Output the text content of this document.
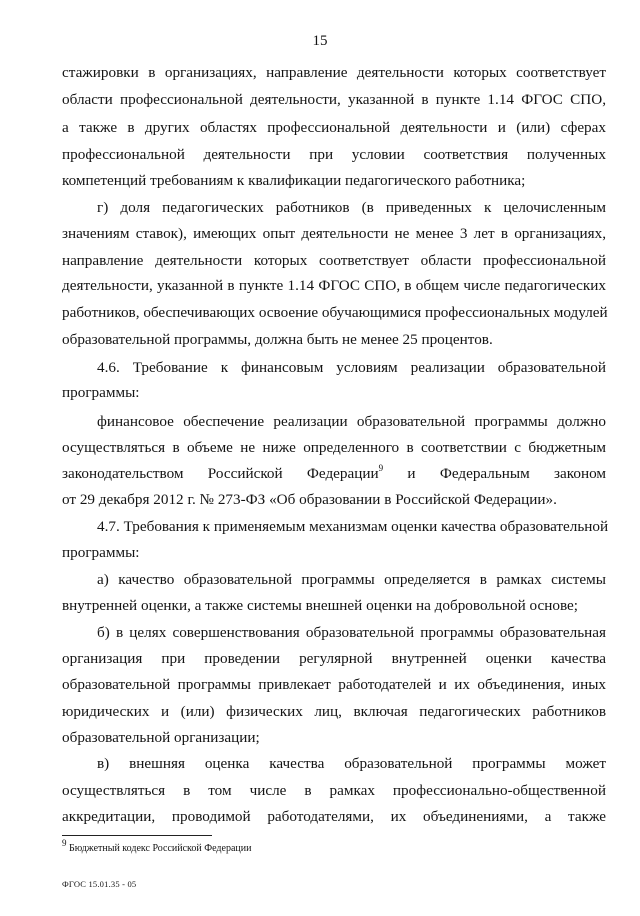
15
стажировки в организациях, направление деятельности которых соответствует
области профессиональной деятельности, указанной в пункте 1.14 ФГОС СПО,
а также в других областях профессиональной деятельности и (или) сферах
профессиональной деятельности при условии соответствия полученных
компетенций требованиям к квалификации педагогического работника;
г) доля педагогических работников (в приведенных к целочисленным
значениям ставок), имеющих опыт деятельности не менее 3 лет в организациях,
направление деятельности которых соответствует области профессиональной
деятельности, указанной в пункте 1.14 ФГОС СПО, в общем числе педагогических
работников, обеспечивающих освоение обучающимися профессиональных модулей
образовательной программы, должна быть не менее 25 процентов.
4.6. Требование к финансовым условиям реализации образовательной
программы:
финансовое обеспечение реализации образовательной программы должно
осуществляться в объеме не ниже определенного в соответствии с бюджетным
законодательством Российской Федерации$^9$ и Федеральным законом
от 29 декабря 2012 г. № 273-ФЗ «Об образовании в Российской Федерации».
4.7. Требования к применяемым механизмам оценки качества образовательной
программы:
а) качество образовательной программы определяется в рамках системы
внутренней оценки, а также системы внешней оценки на добровольной основе;
б) в целях совершенствования образовательной программы образовательная
организация при проведении регулярной внутренней оценки качества
образовательной программы привлекает работодателей и их объединения, иных
юридических и (или) физических лиц, включая педагогических работников
образовательной организации;
в) внешняя оценка качества образовательной программы может
осуществляться в том числе в рамках профессионально-общественной
аккредитации, проводимой работодателями, их объединениями, а также
$^9$ Бюджетный кодекс Российской Федерации
ФГОС 15.01.35 - 05
